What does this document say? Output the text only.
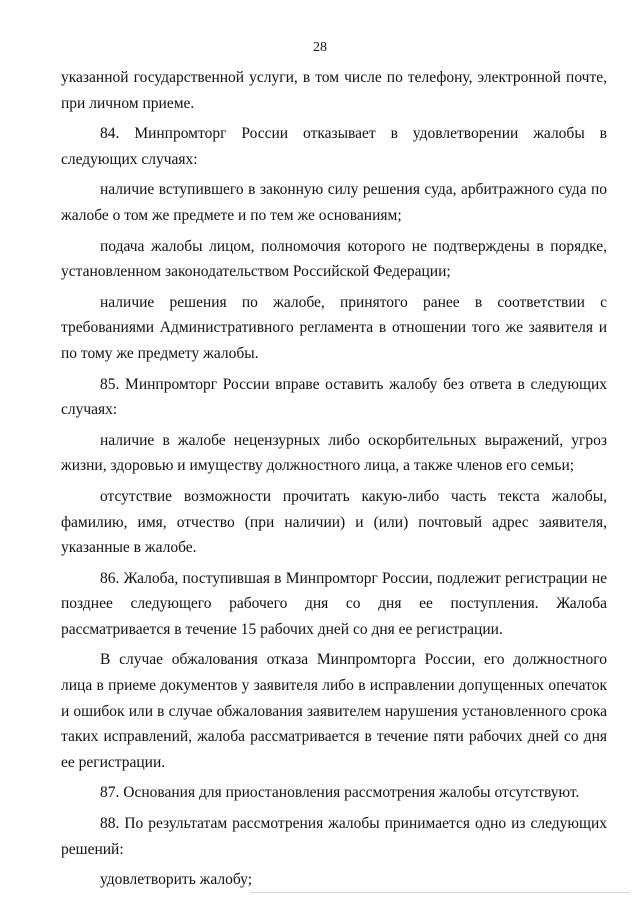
28

указанной государственной услуги, в том числе по телефону, электронной почте, при личном приеме.

84. Минпромторг России отказывает в удовлетворении жалобы в следующих случаях:

наличие вступившего в законную силу решения суда, арбитражного суда по жалобе о том же предмете и по тем же основаниям;

подача жалобы лицом, полномочия которого не подтверждены в порядке, установленном законодательством Российской Федерации;

наличие решения по жалобе, принятого ранее в соответствии с требованиями Административного регламента в отношении того же заявителя и по тому же предмету жалобы.

85. Минпромторг России вправе оставить жалобу без ответа в следующих случаях:

наличие в жалобе нецензурных либо оскорбительных выражений, угроз жизни, здоровью и имуществу должностного лица, а также членов его семьи;

отсутствие возможности прочитать какую-либо часть текста жалобы, фамилию, имя, отчество (при наличии) и (или) почтовый адрес заявителя, указанные в жалобе.

86. Жалоба, поступившая в Минпромторг России, подлежит регистрации не позднее следующего рабочего дня со дня ее поступления. Жалоба рассматривается в течение 15 рабочих дней со дня ее регистрации.

В случае обжалования отказа Минпромторга России, его должностного лица в приеме документов у заявителя либо в исправлении допущенных опечаток и ошибок или в случае обжалования заявителем нарушения установленного срока таких исправлений, жалоба рассматривается в течение пяти рабочих дней со дня ее регистрации.

87. Основания для приостановления рассмотрения жалобы отсутствуют.

88. По результатам рассмотрения жалобы принимается одно из следующих решений:

удовлетворить жалобу;
